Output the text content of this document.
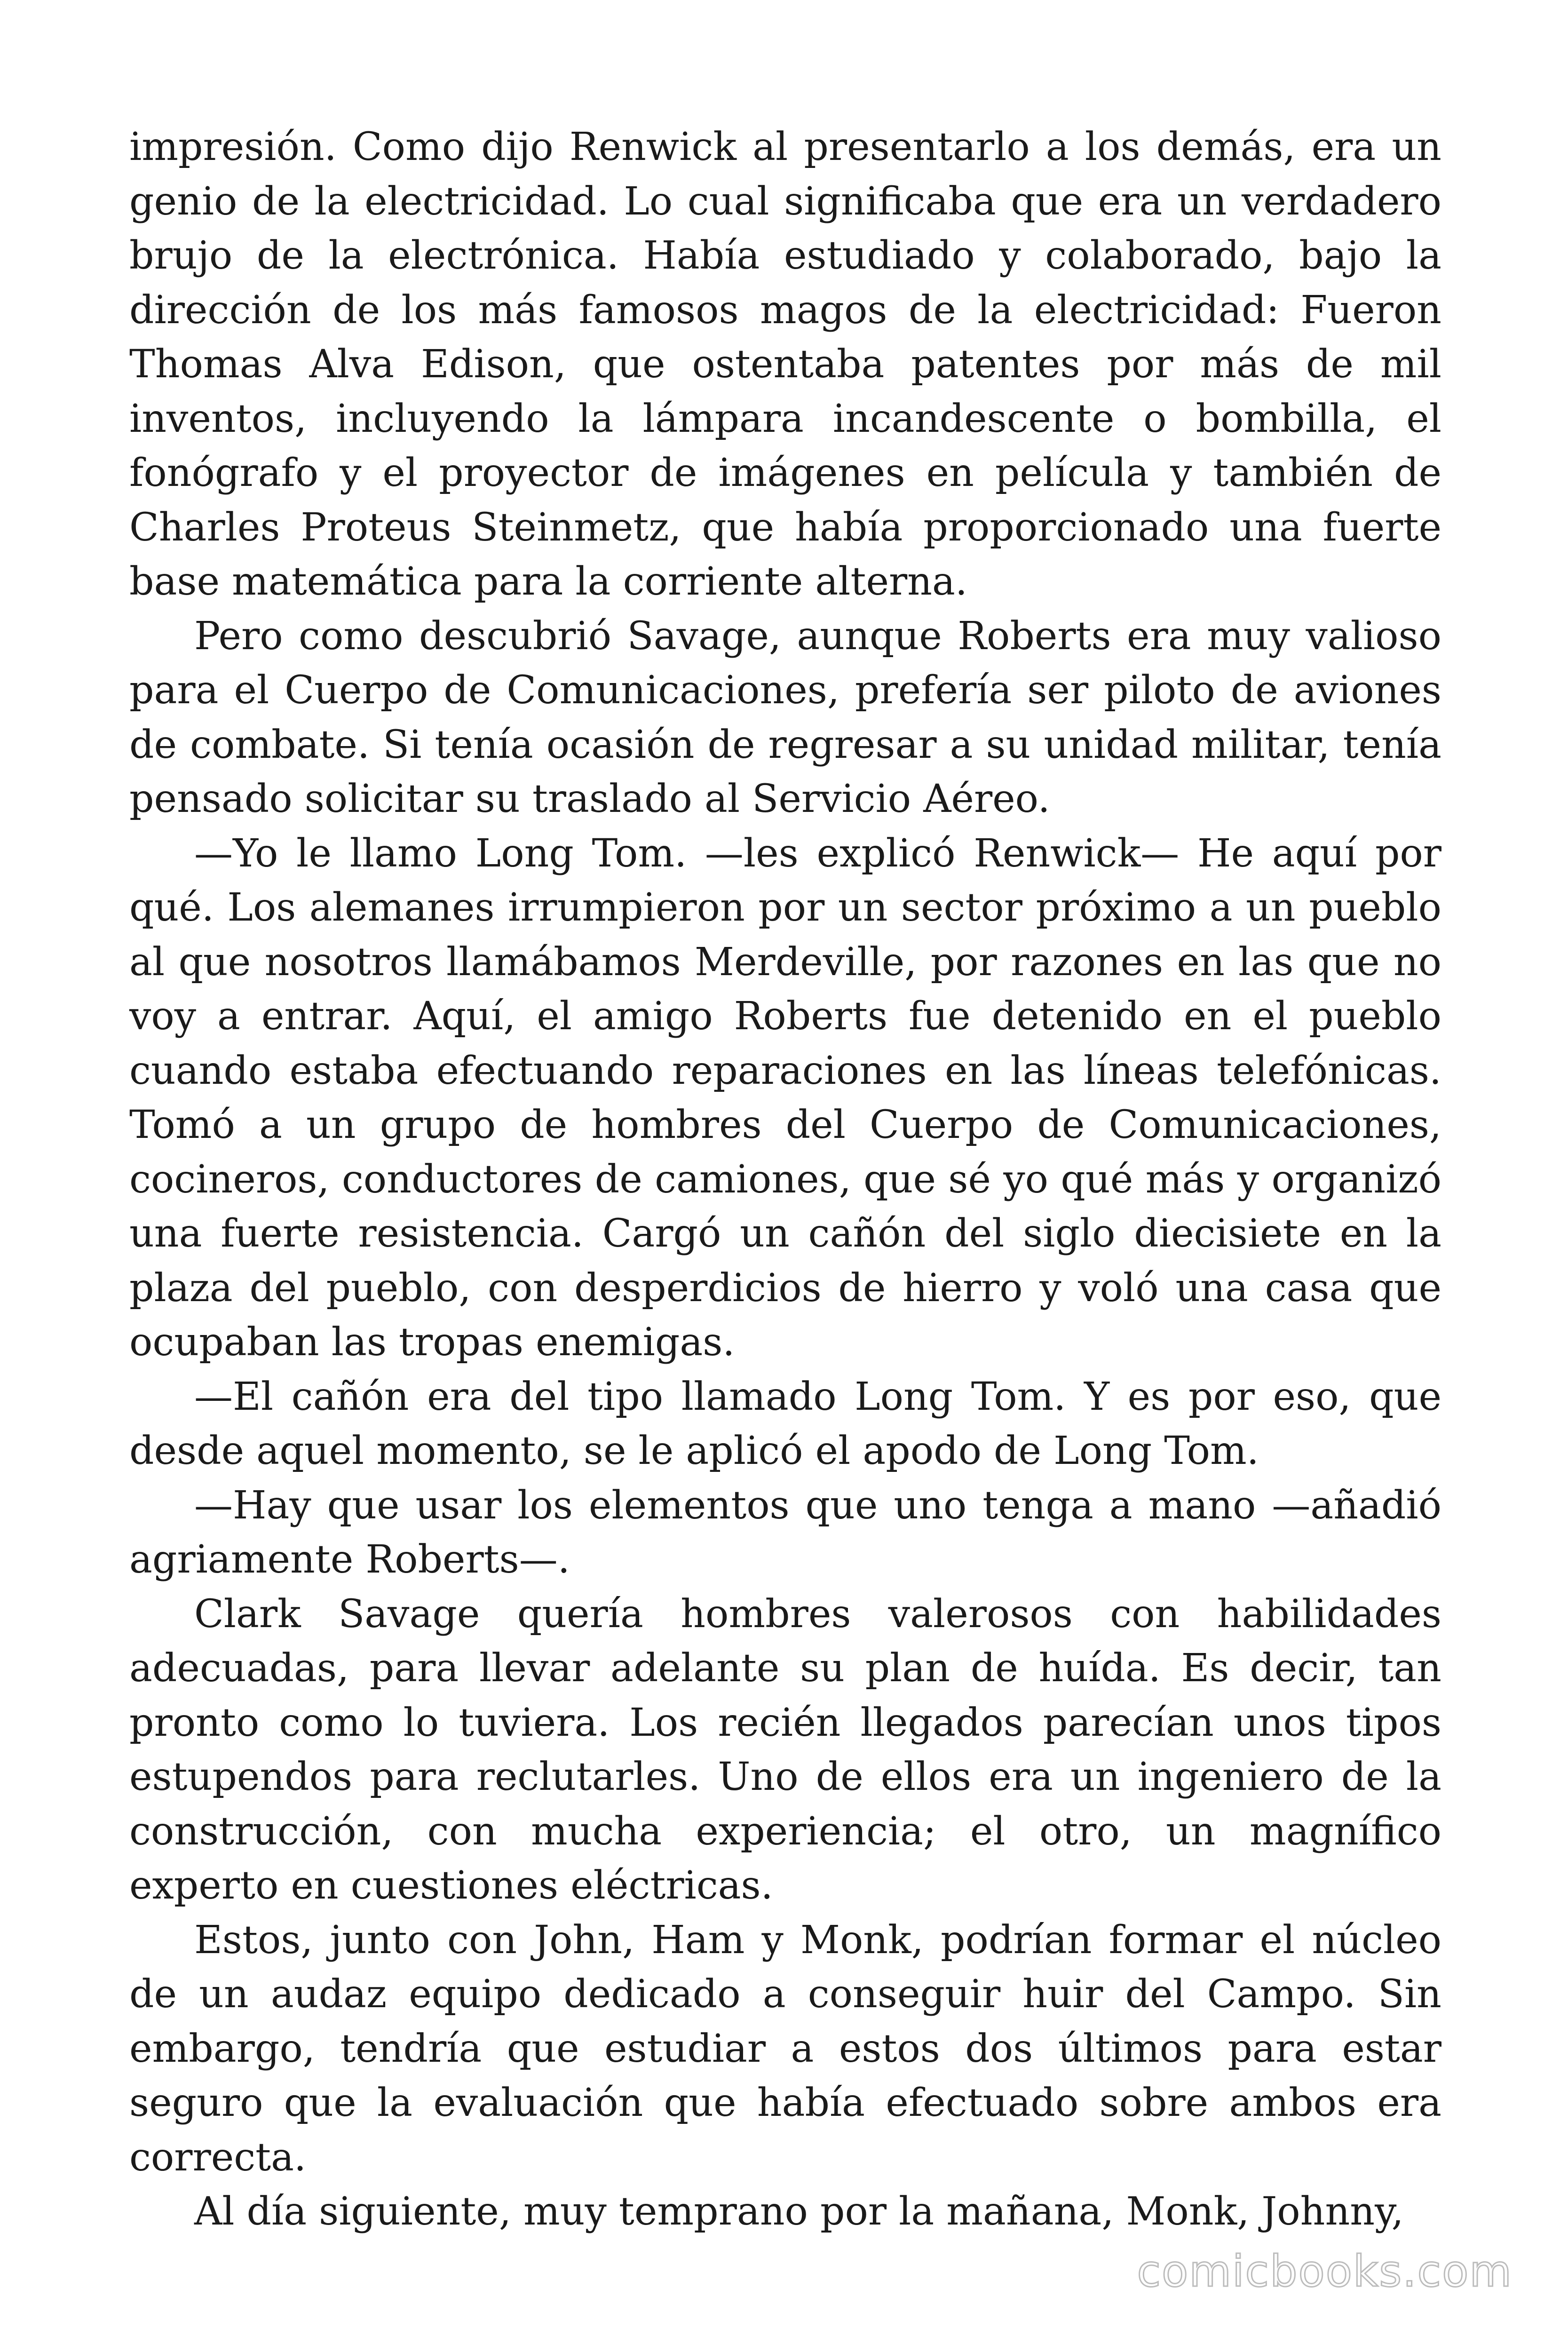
impresión. Como dijo Renwick al presentarlo a los demás, era un genio de la electricidad. Lo cual significaba que era un verdadero brujo de la electrónica. Había estudiado y colaborado, bajo la dirección de los más famosos magos de la electricidad: Fueron Thomas Alva Edison, que ostentaba patentes por más de mil inventos, incluyendo la lámpara incandescente o bombilla, el fonógrafo y el proyector de imágenes en película y también de Charles Proteus Steinmetz, que había proporcionado una fuerte base matemática para la corriente alterna.

Pero como descubrió Savage, aunque Roberts era muy valioso para el Cuerpo de Comunicaciones, prefería ser piloto de aviones de combate. Si tenía ocasión de regresar a su unidad militar, tenía pensado solicitar su traslado al Servicio Aéreo.

—Yo le llamo Long Tom. —les explicó Renwick— He aquí por qué. Los alemanes irrumpieron por un sector próximo a un pueblo al que nosotros llamábamos Merdeville, por razones en las que no voy a entrar. Aquí, el amigo Roberts fue detenido en el pueblo cuando estaba efectuando reparaciones en las líneas telefónicas. Tomó a un grupo de hombres del Cuerpo de Comunicaciones, cocineros, conductores de camiones, que sé yo qué más y organizó una fuerte resistencia. Cargó un cañón del siglo diecisiete en la plaza del pueblo, con desperdicios de hierro y voló una casa que ocupaban las tropas enemigas.

—El cañón era del tipo llamado Long Tom. Y es por eso, que desde aquel momento, se le aplicó el apodo de Long Tom.

—Hay que usar los elementos que uno tenga a mano —añadió agriamente Roberts—.

Clark Savage quería hombres valerosos con habilidades adecuadas, para llevar adelante su plan de huída. Es decir, tan pronto como lo tuviera. Los recién llegados parecían unos tipos estupendos para reclutarles. Uno de ellos era un ingeniero de la construcción, con mucha experiencia; el otro, un magnífico experto en cuestiones eléctricas.

Estos, junto con John, Ham y Monk, podrían formar el núcleo de un audaz equipo dedicado a conseguir huir del Campo. Sin embargo, tendría que estudiar a estos dos últimos para estar seguro que la evaluación que había efectuado sobre ambos era correcta.

Al día siguiente, muy temprano por la mañana, Monk, Johnny,

comicbooks.com
